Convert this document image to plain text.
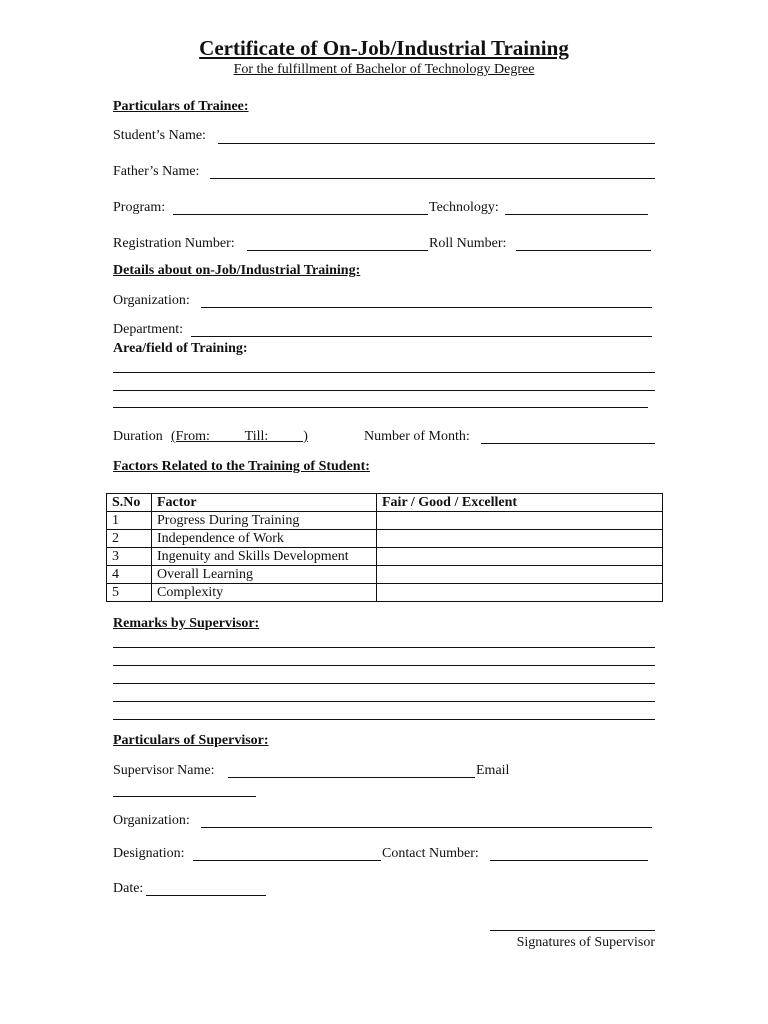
Certificate of On-Job/Industrial Training
For the fulfillment of Bachelor of Technology Degree
Particulars of Trainee:
Student’s Name:
Father’s Name:
Program:	Technology:
Registration Number:	Roll Number:
Details about on-Job/Industrial Training:
Organization:
Department:
Area/field of Training:
Duration (From:          Till:          )	Number of Month:
Factors Related to the Training of Student:
S.No	Factor	Fair / Good / Excellent
1	Progress During Training	
2	Independence of Work	
3	Ingenuity and Skills Development	
4	Overall Learning	
5	Complexity	
Remarks by Supervisor:
Particulars of Supervisor:
Supervisor Name:	Email
Organization:
Designation:	Contact Number:
Date:
Signatures of Supervisor
